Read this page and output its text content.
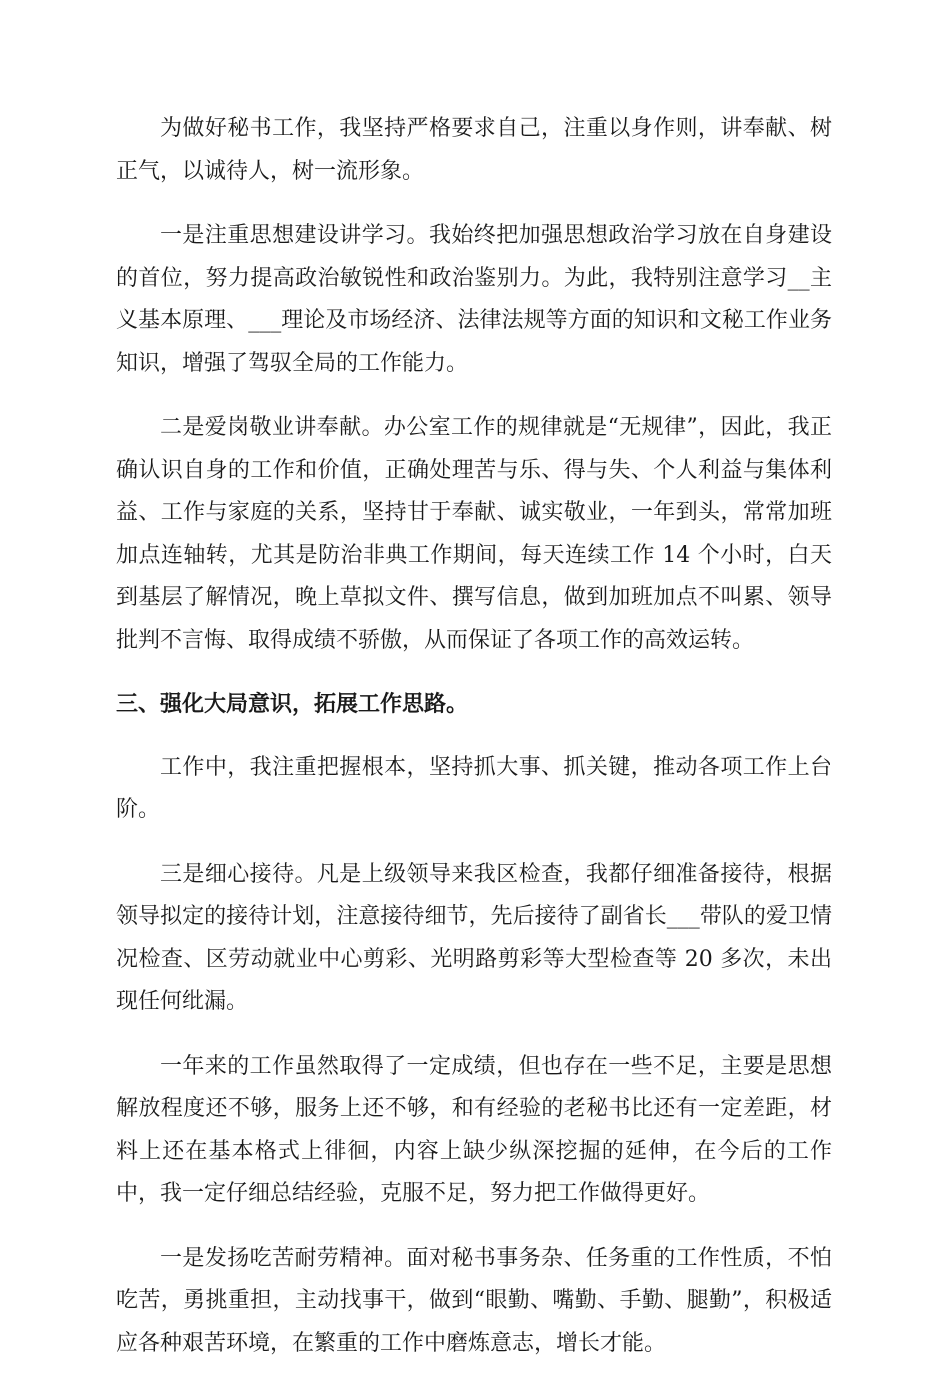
为做好秘书工作，我坚持严格要求自己，注重以身作则，讲奉献、树正气，以诚待人，树一流形象。

一是注重思想建设讲学习。我始终把加强思想政治学习放在自身建设的首位，努力提高政治敏锐性和政治鉴别力。为此，我特别注意学习__主义基本原理、___理论及市场经济、法律法规等方面的知识和文秘工作业务知识，增强了驾驭全局的工作能力。

二是爱岗敬业讲奉献。办公室工作的规律就是“无规律”，因此，我正确认识自身的工作和价值，正确处理苦与乐、得与失、个人利益与集体利益、工作与家庭的关系，坚持甘于奉献、诚实敬业，一年到头，常常加班加点连轴转，尤其是防治非典工作期间，每天连续工作 14 个小时，白天到基层了解情况，晚上草拟文件、撰写信息，做到加班加点不叫累、领导批判不言悔、取得成绩不骄傲，从而保证了各项工作的高效运转。

三、强化大局意识，拓展工作思路。

工作中，我注重把握根本，坚持抓大事、抓关键，推动各项工作上台阶。

三是细心接待。凡是上级领导来我区检查，我都仔细准备接待，根据领导拟定的接待计划，注意接待细节，先后接待了副省长___带队的爱卫情况检查、区劳动就业中心剪彩、光明路剪彩等大型检查等 20 多次，未出现任何纰漏。

一年来的工作虽然取得了一定成绩，但也存在一些不足，主要是思想解放程度还不够，服务上还不够，和有经验的老秘书比还有一定差距，材料上还在基本格式上徘徊，内容上缺少纵深挖掘的延伸，在今后的工作中，我一定仔细总结经验，克服不足，努力把工作做得更好。

一是发扬吃苦耐劳精神。面对秘书事务杂、任务重的工作性质，不怕吃苦，勇挑重担，主动找事干，做到“眼勤、嘴勤、手勤、腿勤”，积极适应各种艰苦环境，在繁重的工作中磨炼意志，增长才能。
